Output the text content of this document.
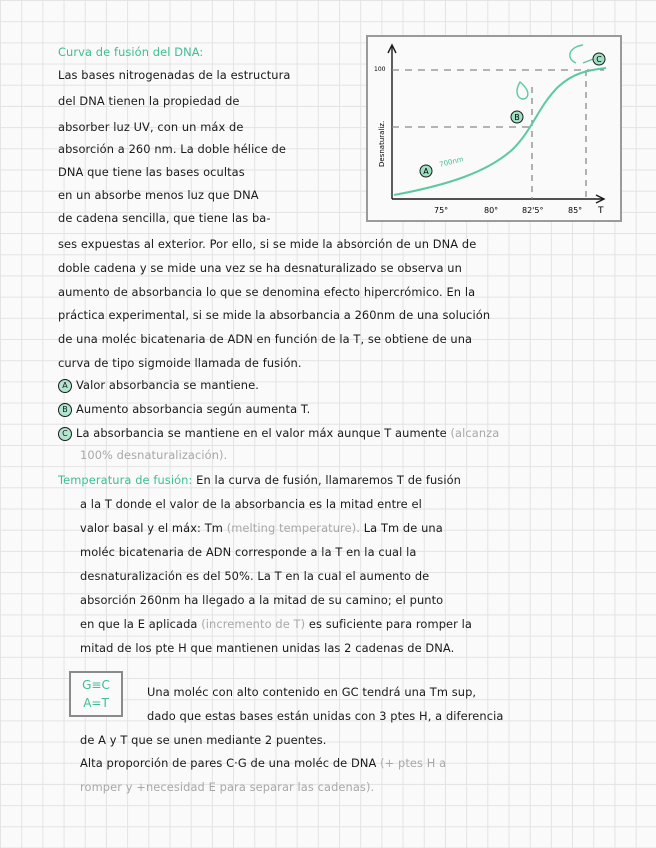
Curva de fusión del DNA:
Las bases nitrogenadas de la estructura
del DNA tienen la propiedad de
absorber luz UV, con un máx de
absorción a 260 nm. La doble hélice de
DNA que tiene las bases ocultas
en un absorbe menos luz que DNA
de cadena sencilla, que tiene las ba-
A
B
C
700nm
100
Desnaturaliz.
75°	80°	82'5°	85° T
ses expuestas al exterior. Por ello, si se mide la absorción de un DNA de
doble cadena y se mide una vez se ha desnaturalizado se observa un
aumento de absorbancia lo que se denomina efecto hipercrómico. En la
práctica experimental, si se mide la absorbancia a 260nm de una solución
de una moléc bicatenaria de ADN en función de la T, se obtiene de una
curva de tipo sigmoide llamada de fusión.
A Valor absorbancia se mantiene.
B Aumento absorbancia según aumenta T.
C La absorbancia se mantiene en el valor máx aunque T aumente (alcanza
100% desnaturalización).
Temperatura de fusión: En la curva de fusión, llamaremos T de fusión
a la T donde el valor de la absorbancia es la mitad entre el
valor basal y el máx: Tm (melting temperature). La Tm de una
moléc bicatenaria de ADN corresponde a la T en la cual la
desnaturalización es del 50%. La T en la cual el aumento de
absorción 260nm ha llegado a la mitad de su camino; el punto
en que la E aplicada (incremento de T) es suficiente para romper la
mitad de los pte H que mantienen unidas las 2 cadenas de DNA.
G≡C
A=T
Una moléc con alto contenido en GC tendrá una Tm sup,
dado que estas bases están unidas con 3 ptes H, a diferencia
de A y T que se unen mediante 2 puentes.
Alta proporción de pares C·G de una moléc de DNA (+ ptes H a
romper y +necesidad E para separar las cadenas).
